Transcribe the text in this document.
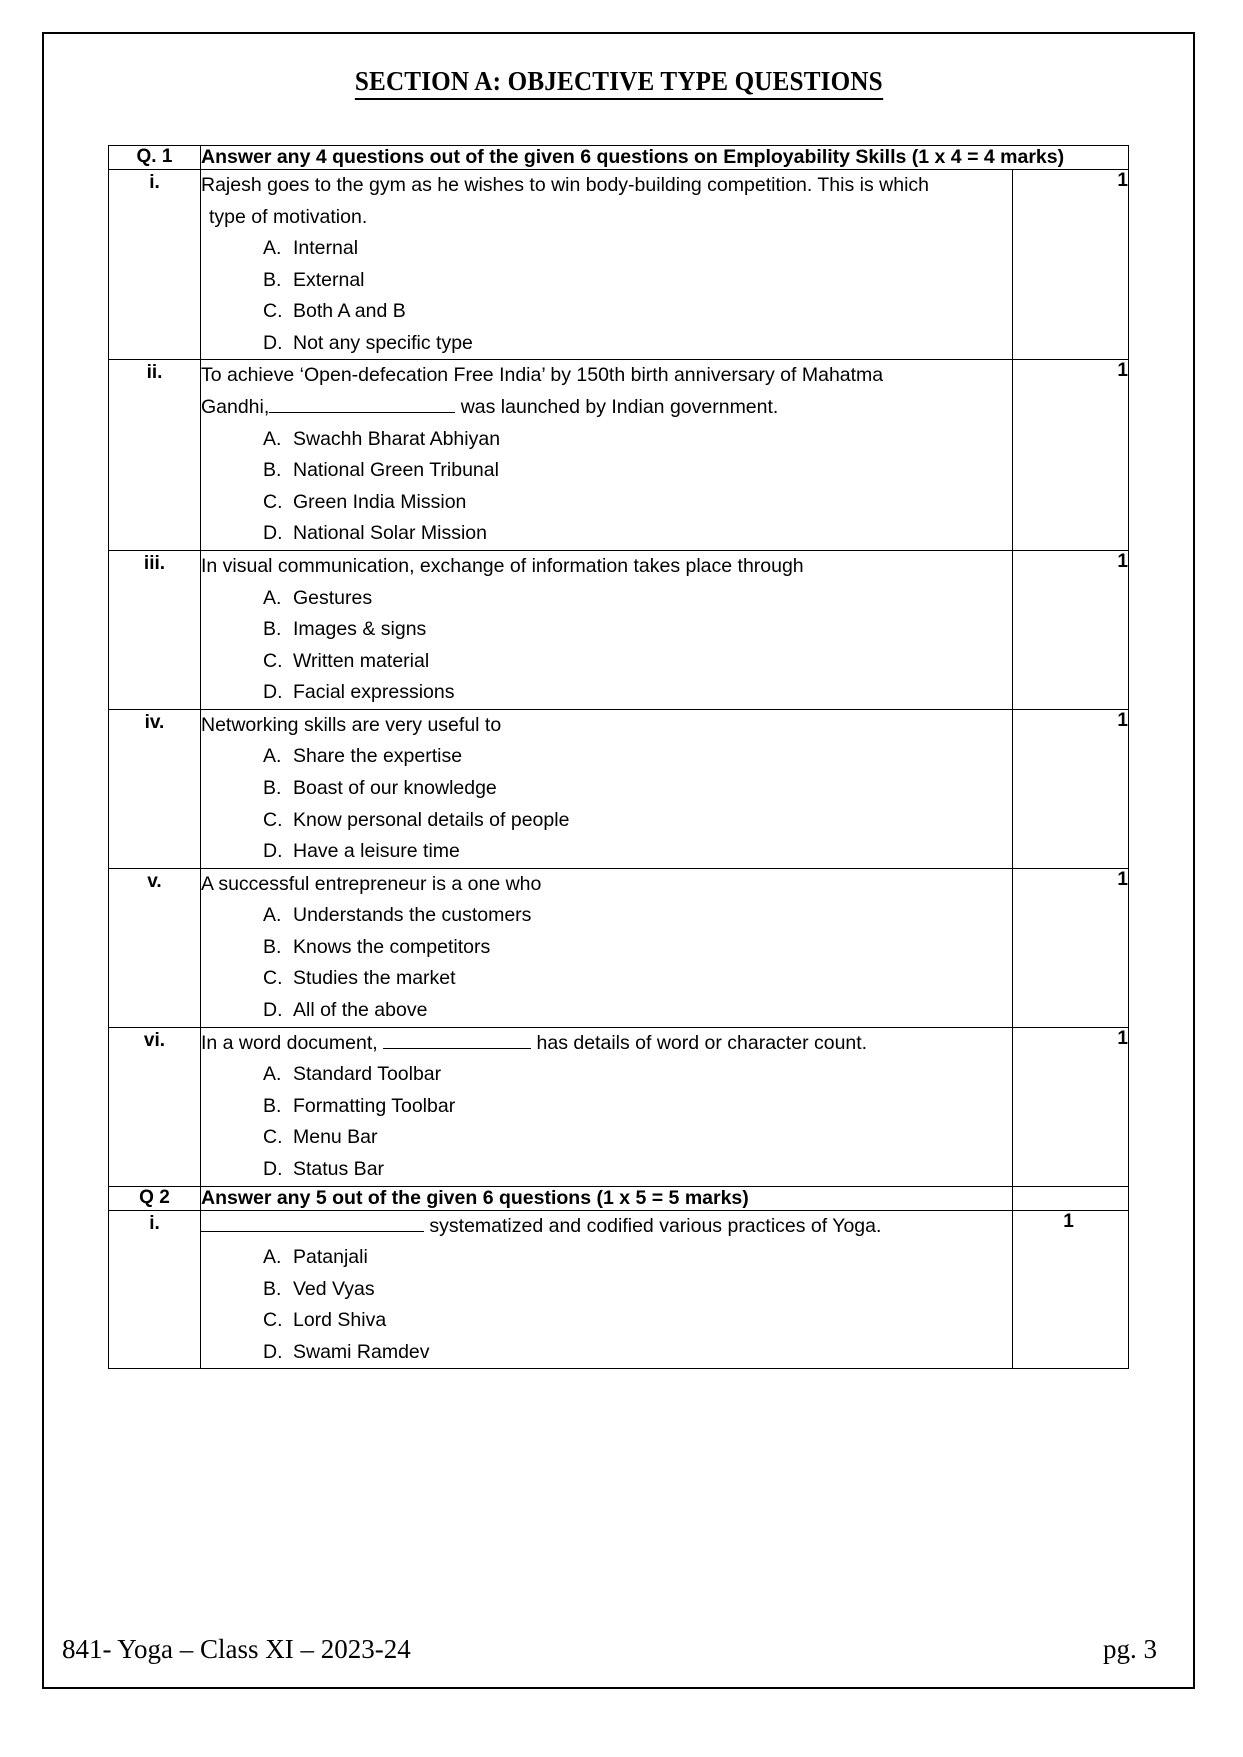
SECTION A: OBJECTIVE TYPE QUESTIONS
Q. 1	Answer any 4 questions out of the given 6 questions on Employability Skills (1 x 4 = 4 marks)	
i.	Rajesh goes to the gym as he wishes to win body-building competition. This is which

type of motivation.

A. Internal
B. External
C. Both A and B
D. Not any specific type
	1
ii.	To achieve ‘Open-defecation Free India’ by 150th birth anniversary of Mahatma

Gandhi,	was launched by Indian government.

A. Swachh Bharat Abhiyan
B. National Green Tribunal
C. Green India Mission
D. National Solar Mission
	1
iii.	In visual communication, exchange of information takes place through

A. Gestures
B. Images & signs
C. Written material
D. Facial expressions
	1
iv.	Networking skills are very useful to

A. Share the expertise
B. Boast of our knowledge
C. Know personal details of people
D. Have a leisure time
	1
v.	A successful entrepreneur is a one who

A. Understands the customers
B. Knows the competitors
C. Studies the market
D. All of the above
	1
vi.	In a word document,	has details of word or character count.

A. Standard Toolbar
B. Formatting Toolbar
C. Menu Bar
D. Status Bar
	1
Q 2	Answer any 5 out of the given 6 questions (1 x 5 = 5 marks)	
i.	systematized and codified various practices of Yoga.

A. Patanjali
B. Ved Vyas
C. Lord Shiva
D. Swami Ramdev
	1
841- Yoga – Class XI – 2023-24	pg. 3
